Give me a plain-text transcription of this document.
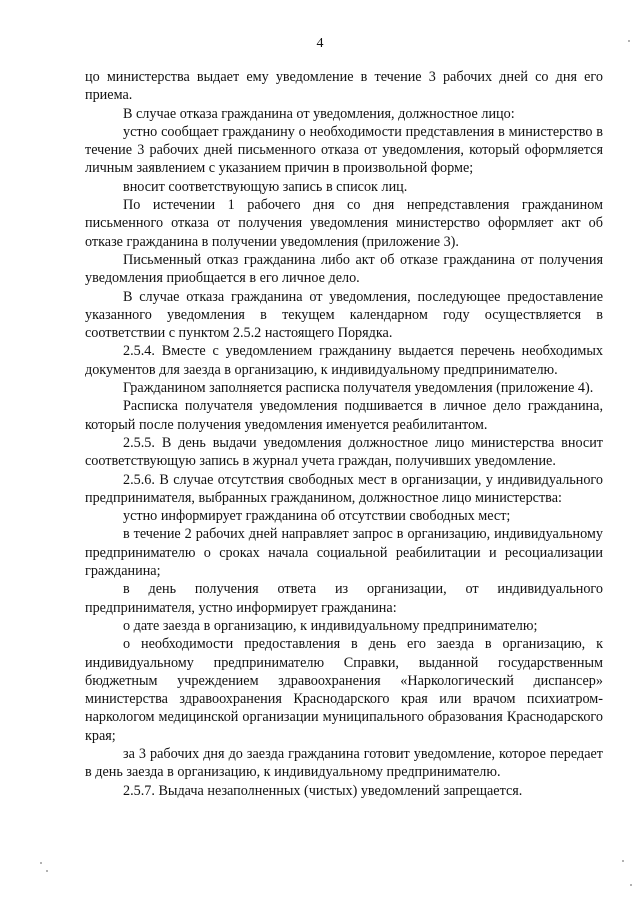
4

цо министерства выдает ему уведомление в течение 3 рабочих дней со дня его приема.

В случае отказа гражданина от уведомления, должностное лицо:

устно сообщает гражданину о необходимости представления в министерство в течение 3 рабочих дней письменного отказа от уведомления, который оформляется личным заявлением с указанием причин в произвольной форме;

вносит соответствующую запись в список лиц.

По истечении 1 рабочего дня со дня непредставления гражданином письменного отказа от получения уведомления министерство оформляет акт об отказе гражданина в получении уведомления (приложение 3).

Письменный отказ гражданина либо акт об отказе гражданина от получения уведомления приобщается в его личное дело.

В случае отказа гражданина от уведомления, последующее предоставление указанного уведомления в текущем календарном году осуществляется в соответствии с пунктом 2.5.2 настоящего Порядка.

2.5.4. Вместе с уведомлением гражданину выдается перечень необходимых документов для заезда в организацию, к индивидуальному предпринимателю.

Гражданином заполняется расписка получателя уведомления (приложение 4).

Расписка получателя уведомления подшивается в личное дело гражданина, который после получения уведомления именуется реабилитантом.

2.5.5. В день выдачи уведомления должностное лицо министерства вносит соответствующую запись в журнал учета граждан, получивших уведомление.

2.5.6. В случае отсутствия свободных мест в организации, у индивидуального предпринимателя, выбранных гражданином, должностное лицо министерства:

устно информирует гражданина об отсутствии свободных мест;

в течение 2 рабочих дней направляет запрос в организацию, индивидуальному предпринимателю о сроках начала социальной реабилитации и ресоциализации гражданина;

в день получения ответа из организации, от индивидуального предпринимателя, устно информирует гражданина:

о дате заезда в организацию, к индивидуальному предпринимателю;

о необходимости предоставления в день его заезда в организацию, к индивидуальному предпринимателю Справки, выданной государственным бюджетным учреждением здравоохранения «Наркологический диспансер» министерства здравоохранения Краснодарского края или врачом психиатром-наркологом медицинской организации муниципального образования Краснодарского края;

за 3 рабочих дня до заезда гражданина готовит уведомление, которое передает в день заезда в организацию, к индивидуальному предпринимателю.

2.5.7. Выдача незаполненных (чистых) уведомлений запрещается.
